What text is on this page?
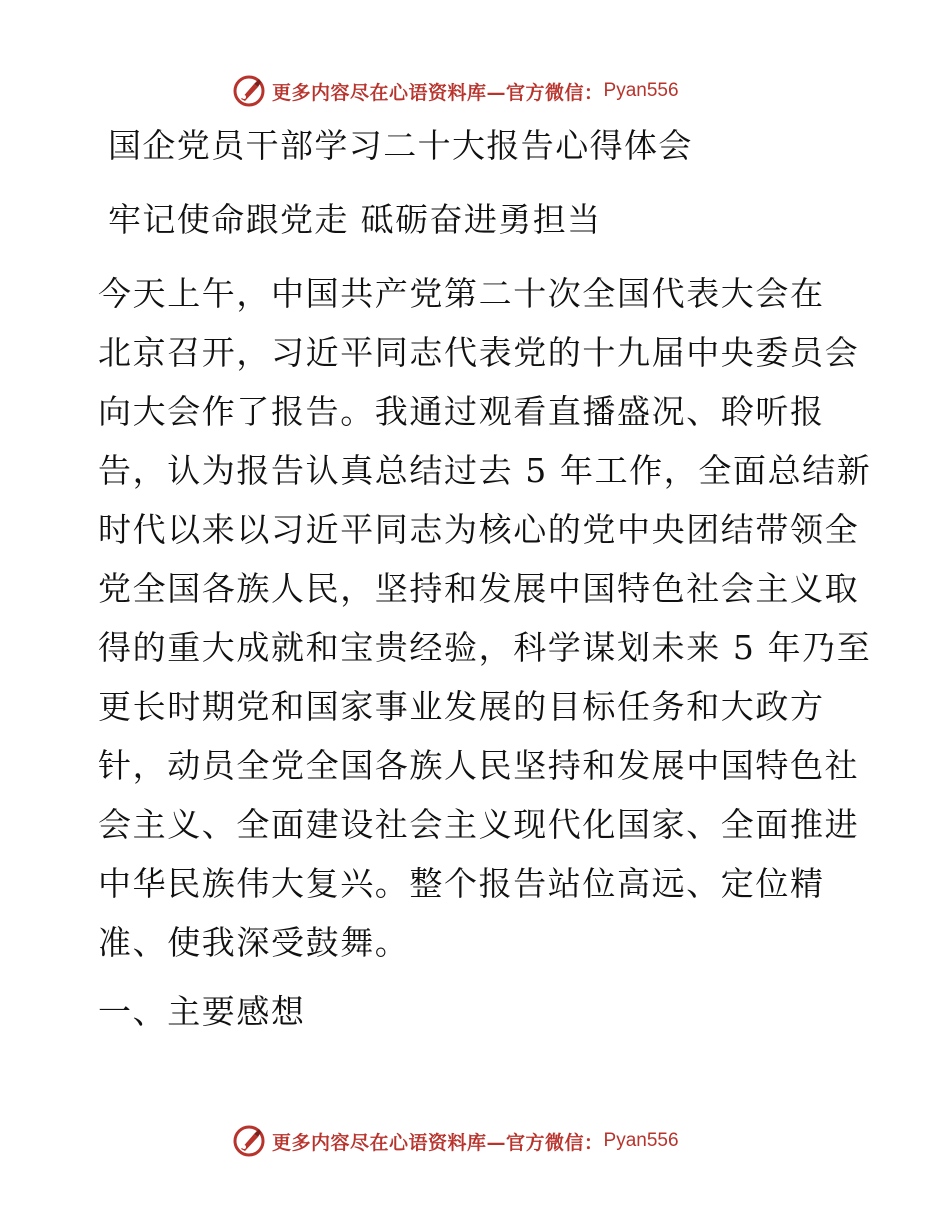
更多内容尽在心语资料库—官方微信： Pyan556
国企党员干部学习二十大报告心得体会
牢记使命跟党走 砥砺奋进勇担当
今天上午，中国共产党第二十次全国代表大会在
北京召开，习近平同志代表党的十九届中央委员会
向大会作了报告。我通过观看直播盛况、聆听报
告，认为报告认真总结过去 5 年工作，全面总结新
时代以来以习近平同志为核心的党中央团结带领全
党全国各族人民，坚持和发展中国特色社会主义取
得的重大成就和宝贵经验，科学谋划未来 5 年乃至
更长时期党和国家事业发展的目标任务和大政方
针，动员全党全国各族人民坚持和发展中国特色社
会主义、全面建设社会主义现代化国家、全面推进
中华民族伟大复兴。整个报告站位高远、定位精
准、使我深受鼓舞。
一、主要感想
更多内容尽在心语资料库—官方微信： Pyan556
